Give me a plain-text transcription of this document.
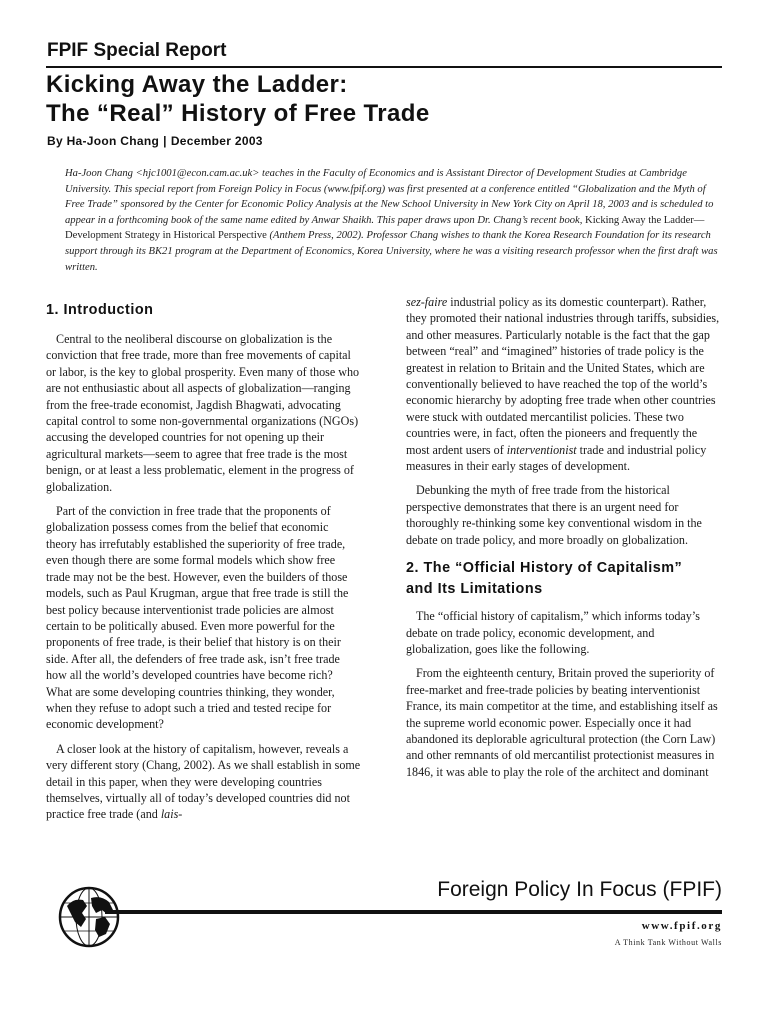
FPIF Special Report
Kicking Away the Ladder:
The “Real” History of Free Trade
By Ha-Joon Chang | December 2003

Ha-Joon Chang <hjc1001@econ.cam.ac.uk> teaches in the Faculty of Economics and is Assistant Director of Development Studies at Cambridge University. This special report from Foreign Policy in Focus (www.fpif.org) was first presented at a conference entitled “Globalization and the Myth of Free Trade” sponsored by the Center for Economic Policy Analysis at the New School University in New York City on April 18, 2003 and is scheduled to appear in a forthcoming book of the same name edited by Anwar Shaikh. This paper draws upon Dr. Chang’s recent book, Kicking Away the Ladder—Development Strategy in Historical Perspective (Anthem Press, 2002). Professor Chang wishes to thank the Korea Research Foundation for its research support through its BK21 program at the Department of Economics, Korea University, where he was a visiting research professor when the first draft was written.

1. Introduction

Central to the neoliberal discourse on globalization is the conviction that free trade, more than free movements of capital or labor, is the key to global prosperity. Even many of those who are not enthusiastic about all aspects of globalization—ranging from the free-trade economist, Jagdish Bhagwati, advocating capital control to some non-governmental organizations (NGOs) accusing the developed countries for not opening up their agricultural markets—seem to agree that free trade is the most benign, or at least a less problematic, element in the progress of globalization.

Part of the conviction in free trade that the proponents of globalization possess comes from the belief that economic theory has irrefutably established the superiority of free trade, even though there are some formal models which show free trade may not be the best. However, even the builders of those models, such as Paul Krugman, argue that free trade is still the best policy because interventionist trade policies are almost certain to be politically abused. Even more powerful for the proponents of free trade, is their belief that history is on their side. After all, the defenders of free trade ask, isn’t free trade how all the world’s developed countries have become rich? What are some developing countries thinking, they wonder, when they refuse to adopt such a tried and tested recipe for economic development?

A closer look at the history of capitalism, however, reveals a very different story (Chang, 2002). As we shall establish in some detail in this paper, when they were developing countries themselves, virtually all of today’s developed countries did not practice free trade (and lais-

sez-faire industrial policy as its domestic counterpart). Rather, they promoted their national industries through tariffs, subsidies, and other measures. Particularly notable is the fact that the gap between “real” and “imagined” histories of trade policy is the greatest in relation to Britain and the United States, which are conventionally believed to have reached the top of the world’s economic hierarchy by adopting free trade when other countries were stuck with outdated mercantilist policies. These two countries were, in fact, often the pioneers and frequently the most ardent users of interventionist trade and industrial policy measures in their early stages of development.

Debunking the myth of free trade from the historical perspective demonstrates that there is an urgent need for thoroughly re-thinking some key conventional wisdom in the debate on trade policy, and more broadly on globalization.

2. The “Official History of Capitalism”
and Its Limitations

The “official history of capitalism,” which informs today’s debate on trade policy, economic development, and globalization, goes like the following.

From the eighteenth century, Britain proved the superiority of free-market and free-trade policies by beating interventionist France, its main competitor at the time, and establishing itself as the supreme world economic power. Especially once it had abandoned its deplorable agricultural protection (the Corn Law) and other remnants of old mercantilist protectionist measures in 1846, it was able to play the role of the architect and dominant

Foreign Policy In Focus (FPIF)
www.fpif.org
A Think Tank Without Walls
